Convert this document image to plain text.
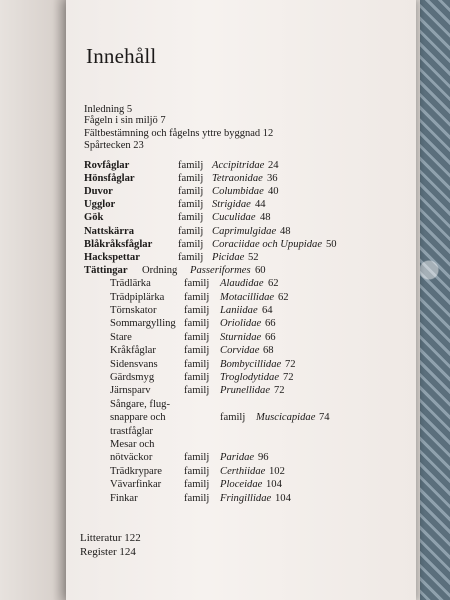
Innehåll
Inledning 5
Fågeln i sin miljö 7
Fältbestämning och fågelns yttre byggnad 12
Spårtecken 23
Litteratur 122
Register 124
Rovfåglar	familj Accipitridae 24
Hönsfåglar	familj Tetraonidae 36
Duvor	familj Columbidae 40
Ugglor	familj Strigidae 44
Gök	familj Cuculidae 48
Nattskärra	familj Caprimulgidae 48
Blåkråksfåglar familj Coraciidae och Upupidae 50
Hackspettar	familj Picidae 52
Tättingar Ordning Passeriformes 60
Trädlärka	familj Alaudidae 62
Trädpiplärka familj Motacillidae 62
Törnskator	familj Laniidae 64
Sommargylling familj Oriolidae 66
Stare	familj Sturnidae 66
Kråkfåglar	familj Corvidae 68
Sidensvans familj Bombycillidae 72
Gärdsmyg	familj Troglodytidae 72
Järnsparv	familj Prunellidae 72
Sångare, flug-
snappare och
trastfåglar
familj Muscicapidae 74
Mesar och
nötväckor	familj Paridae 96
Trädkrypare familj Certhiidae 102
Vävarfinkar familj Ploceidae 104
Finkar	familj Fringillidae 104
